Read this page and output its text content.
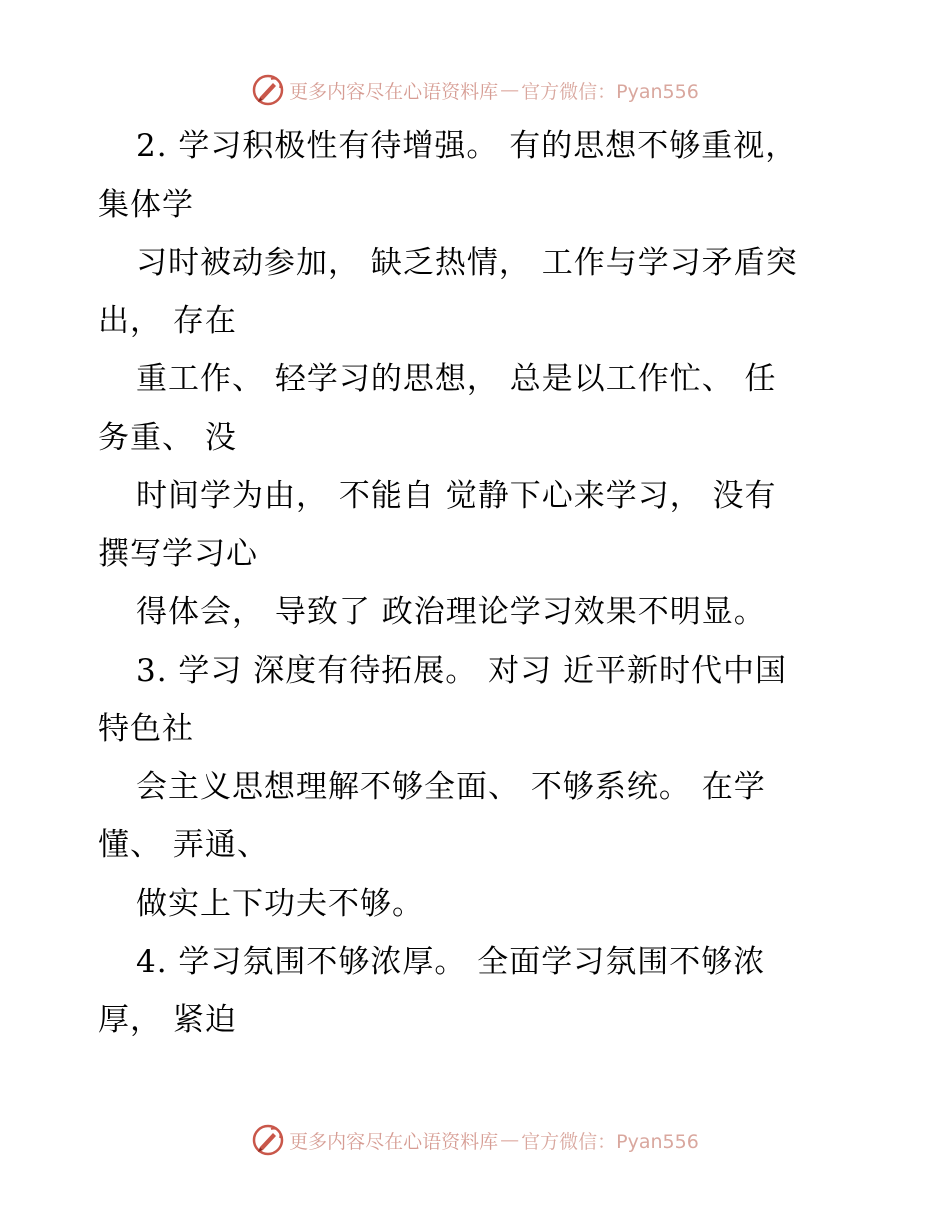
更多内容尽在心语资料库 — 官方微信：Pyan556
2. 学习积极性有待增强。 有的思想不够重视，
集体学
习时被动参加， 缺乏热情， 工作与学习矛盾突
出， 存在
重工作、 轻学习的思想， 总是以工作忙、 任
务重、 没
时间学为由， 不能自 觉静下心来学习， 没有
撰写学习心
得体会， 导致了 政治理论学习效果不明显。
3. 学习 深度有待拓展。 对习 近平新时代中国
特色社
会主义思想理解不够全面、 不够系统。 在学
懂、 弄通、
做实上下功夫不够。
4. 学习氛围不够浓厚。 全面学习氛围不够浓
厚， 紧迫
更多内容尽在心语资料库 — 官方微信：Pyan556
